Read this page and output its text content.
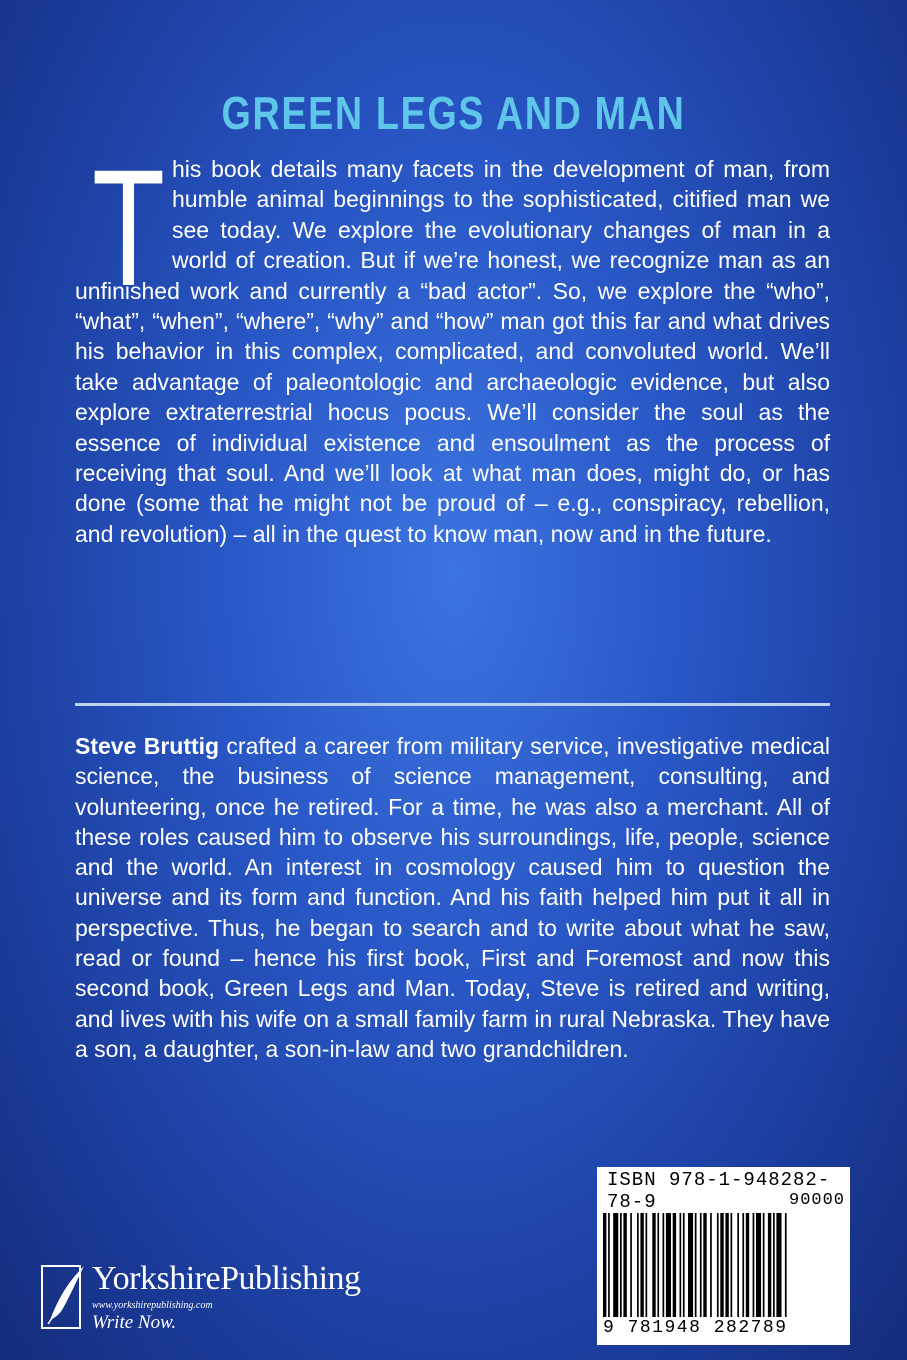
GREEN LEGS AND MAN
T his book details many facets in the development of man, from humble animal beginnings to the sophisticated, citified man we see today. We explore the evolutionary changes of man in a world of creation. But if we’re honest, we recognize man as an unfinished work and currently a “bad actor”. So, we explore the “who”, “what”, “when”, “where”, “why” and “how” man got this far and what drives his behavior in this complex, complicated, and convoluted world. We’ll take advantage of paleontologic and archaeologic evidence, but also explore extraterrestrial hocus pocus. We’ll consider the soul as the essence of individual existence and ensoulment as the process of receiving that soul. And we’ll look at what man does, might do, or has done (some that he might not be proud of – e.g., conspiracy, rebellion, and revolution) – all in the quest to know man, now and in the future.

Steve Bruttig crafted a career from military service, investigative medical science, the business of science management, consulting, and volunteering, once he retired. For a time, he was also a merchant. All of these roles caused him to observe his surroundings, life, people, science and the world. An interest in cosmology caused him to question the universe and its form and function. And his faith helped him put it all in perspective. Thus, he began to search and to write about what he saw, read or found – hence his first book, First and Foremost and now this second book, Green Legs and Man. Today, Steve is retired and writing, and lives with his wife on a small family farm in rural Nebraska. They have a son, a daughter, a son-in-law and two grandchildren.

ISBN 978-1-948282-78-9	90000
9 781948 282789
YorkshirePublishing
www.yorkshirepublishing.com
Write Now.
